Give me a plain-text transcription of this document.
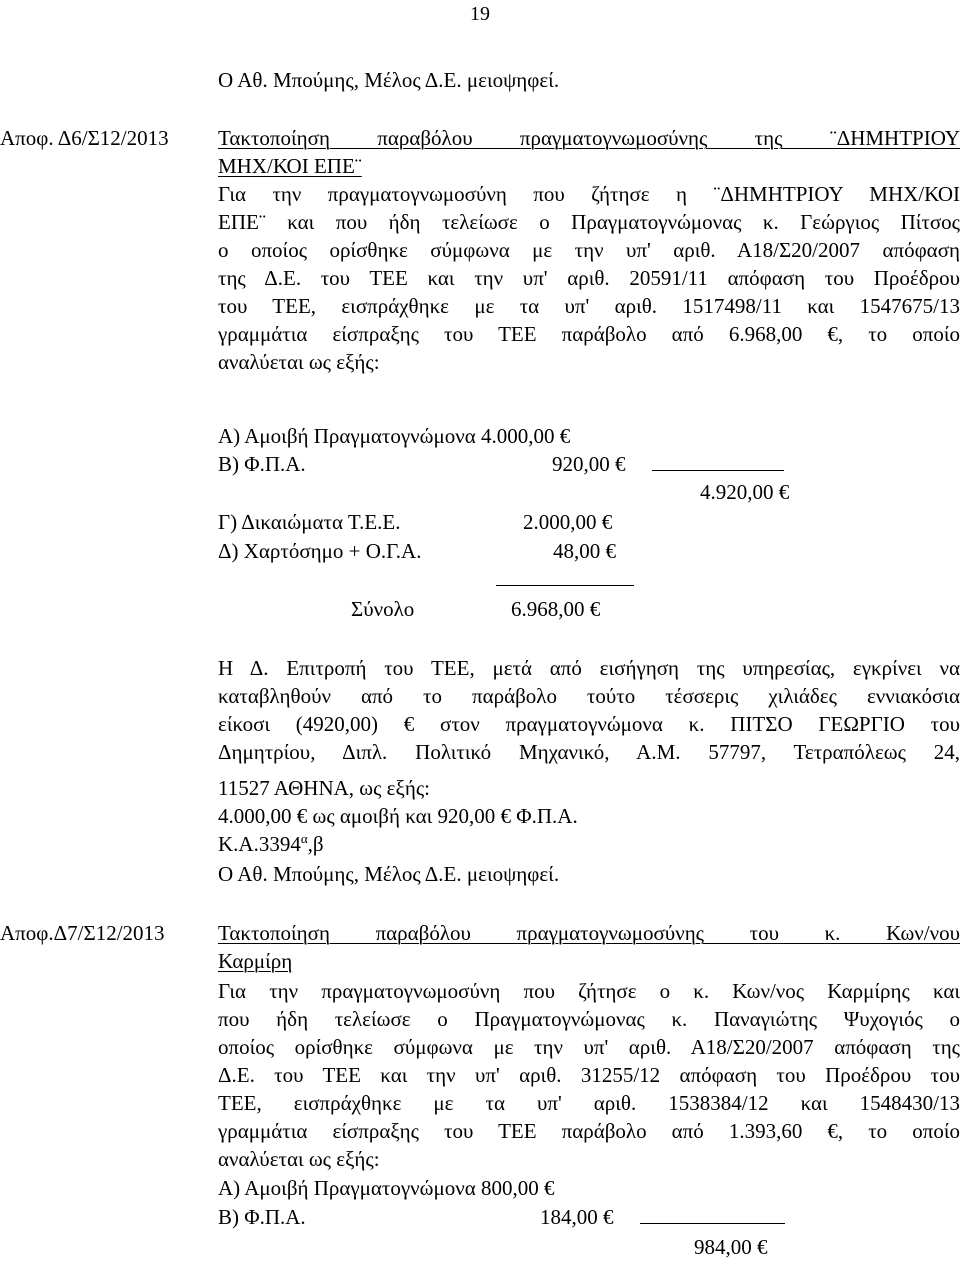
19
Ο Αθ. Μπούμης, Μέλος Δ.Ε. μειοψηφεί.
Αποφ. Δ6/Σ12/2013 Τακτοποίηση παραβόλου πραγματογνωμοσύνης της ¨ΔΗΜΗΤΡΙΟΥ
ΜΗΧ/ΚΟΙ ΕΠΕ¨
Για την πραγματογνωμοσύνη που ζήτησε η ¨ΔΗΜΗΤΡΙΟΥ ΜΗΧ/ΚΟΙ
ΕΠΕ¨ και που ήδη τελείωσε ο Πραγματογνώμονας κ. Γεώργιος Πίτσος
ο οποίος ορίσθηκε σύμφωνα με την υπ' αριθ. Α18/Σ20/2007 απόφαση
της Δ.Ε. του ΤΕΕ και την υπ' αριθ. 20591/11 απόφαση του Προέδρου
του ΤΕΕ, εισπράχθηκε με τα υπ' αριθ. 1517498/11 και 1547675/13
γραμμάτια είσπραξης του ΤΕΕ παράβολο από 6.968,00 €, το οποίο
αναλύεται ως εξής:
Α) Αμοιβή Πραγματογνώμονα 4.000,00 €
Β) Φ.Π.Α.	920,00 €
4.920,00 €
Γ) Δικαιώματα Τ.Ε.Ε.	2.000,00 €
Δ) Χαρτόσημο + Ο.Γ.Α.	48,00 €
Σύνολο	6.968,00 €
Η Δ. Επιτροπή του ΤΕΕ, μετά από εισήγηση της υπηρεσίας, εγκρίνει να
καταβληθούν από το παράβολο τούτο τέσσερις χιλιάδες εννιακόσια
είκοσι (4920,00) € στον πραγματογνώμονα κ. ΠΙΤΣΟ ΓΕΩΡΓΙΟ του
Δημητρίου, Διπλ. Πολιτικό Μηχανικό, Α.Μ. 57797, Τετραπόλεως 24,
11527 ΑΘΗΝΑ, ως εξής:
4.000,00 € ως αμοιβή και 920,00 € Φ.Π.Α.
$K.A.3394^\alpha,\beta$
Ο Αθ. Μπούμης, Μέλος Δ.Ε. μειοψηφεί.
Αποφ.Δ7/Σ12/2013	Τακτοποίηση παραβόλου πραγματογνωμοσύνης του κ. Κων/νου
Καρμίρη
Για την πραγματογνωμοσύνη που ζήτησε ο κ. Κων/νος Καρμίρης και
που ήδη τελείωσε ο Πραγματογνώμονας κ. Παναγιώτης Ψυχογιός ο
οποίος ορίσθηκε σύμφωνα με την υπ' αριθ. Α18/Σ20/2007 απόφαση της
Δ.Ε. του ΤΕΕ και την υπ' αριθ. 31255/12 απόφαση του Προέδρου του
ΤΕΕ, εισπράχθηκε με τα υπ' αριθ. 1538384/12 και 1548430/13
γραμμάτια είσπραξης του ΤΕΕ παράβολο από 1.393,60 €, το οποίο
αναλύεται ως εξής:
Α) Αμοιβή Πραγματογνώμονα 800,00 €
Β) Φ.Π.Α.	184,00 €
984,00 €
